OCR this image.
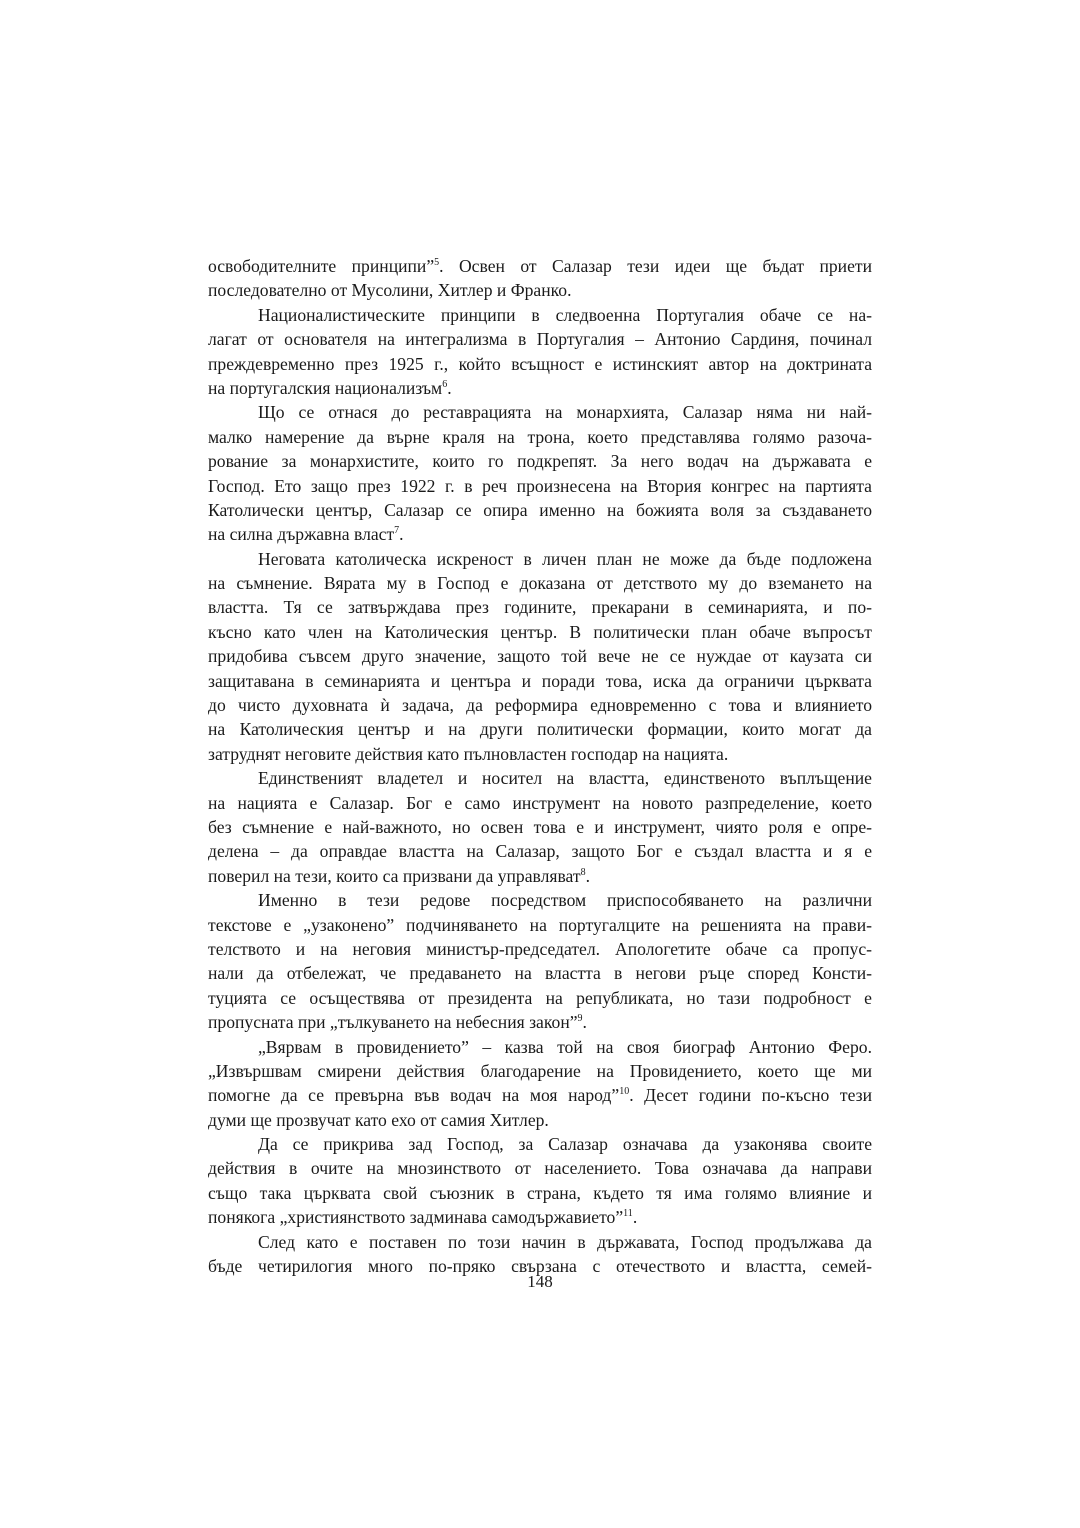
освободителните принципи”$^5$. Освен от Салазар тези идеи ще бъдат приети
последователно от Мусолини, Хитлер и Франко.
Националистическите принципи в следвоенна Португалия обаче се на-
лагат от основателя на интегрализма в Португалия – Антонио Сардиня, починал
преждевременно през 1925 г., който всъщност е истинският автор на доктрината
на португалския национализъм$^6$.
Що се отнася до реставрацията на монархията, Салазар няма ни най-
малко намерение да върне краля на трона, което представлява голямо разоча-
рование за монархистите, които го подкрепят. За него водач на държавата е
Господ. Ето защо през 1922 г. в реч произнесена на Втория конгрес на партията
Католически център, Салазар се опира именно на божията воля за създаването
на силна държавна власт$^7$.
Неговата католическа искреност в личен план не може да бъде подложена
на съмнение. Вярата му в Господ е доказана от детството му до вземането на
властта. Тя се затвърждава през годините, прекарани в семинарията, и по-
късно като член на Католическия център. В политически план обаче въпросът
придобива съвсем друго значение, защото той вече не се нуждае от каузата си
защитавана в семинарията и центъра и поради това, иска да ограничи църквата
до чисто духовната ѝ задача, да реформира едновременно с това и влиянието
на Католическия център и на други политически формации, които могат да
затруднят неговите действия като пълновластен господар на нацията.
Единственият владетел и носител на властта, единственото въплъщение
на нацията е Салазар. Бог е само инструмент на новото разпределение, което
без съмнение е най-важното, но освен това е и инструмент, чиято роля е опре-
делена – да оправдае властта на Салазар, защото Бог е създал властта и я е
поверил на тези, които са призвани да управляват$^8$.
Именно в тези редове посредством приспособяването на различни
текстове е „узаконено” подчиняването на португалците на решенията на прави-
телството и на неговия министър-председател. Апологетите обаче са пропус-
нали да отбележат, че предаването на властта в негови ръце според Консти-
туцията се осъществява от президента на републиката, но тази подробност е
пропусната при „тълкуването на небесния закон”$^9$.
„Вярвам в провидението” – казва той на своя биограф Антонио Феро.
„Извършвам смирени действия благодарение на Провидението, което ще ми
помогне да се превърна във водач на моя народ”$^{10}$. Десет години по-късно тези
думи ще прозвучат като ехо от самия Хитлер.
Да се прикрива зад Господ, за Салазар означава да узаконява своите
действия в очите на мнозинството от населението. Това означава да направи
също така църквата свой съюзник в страна, където тя има голямо влияние и
понякога „християнството задминава самодържавието”$^{11}$.
След като е поставен по този начин в държавата, Господ продължава да
бъде четирилогия много по-пряко свързана с отечеството и властта, семей-
148
